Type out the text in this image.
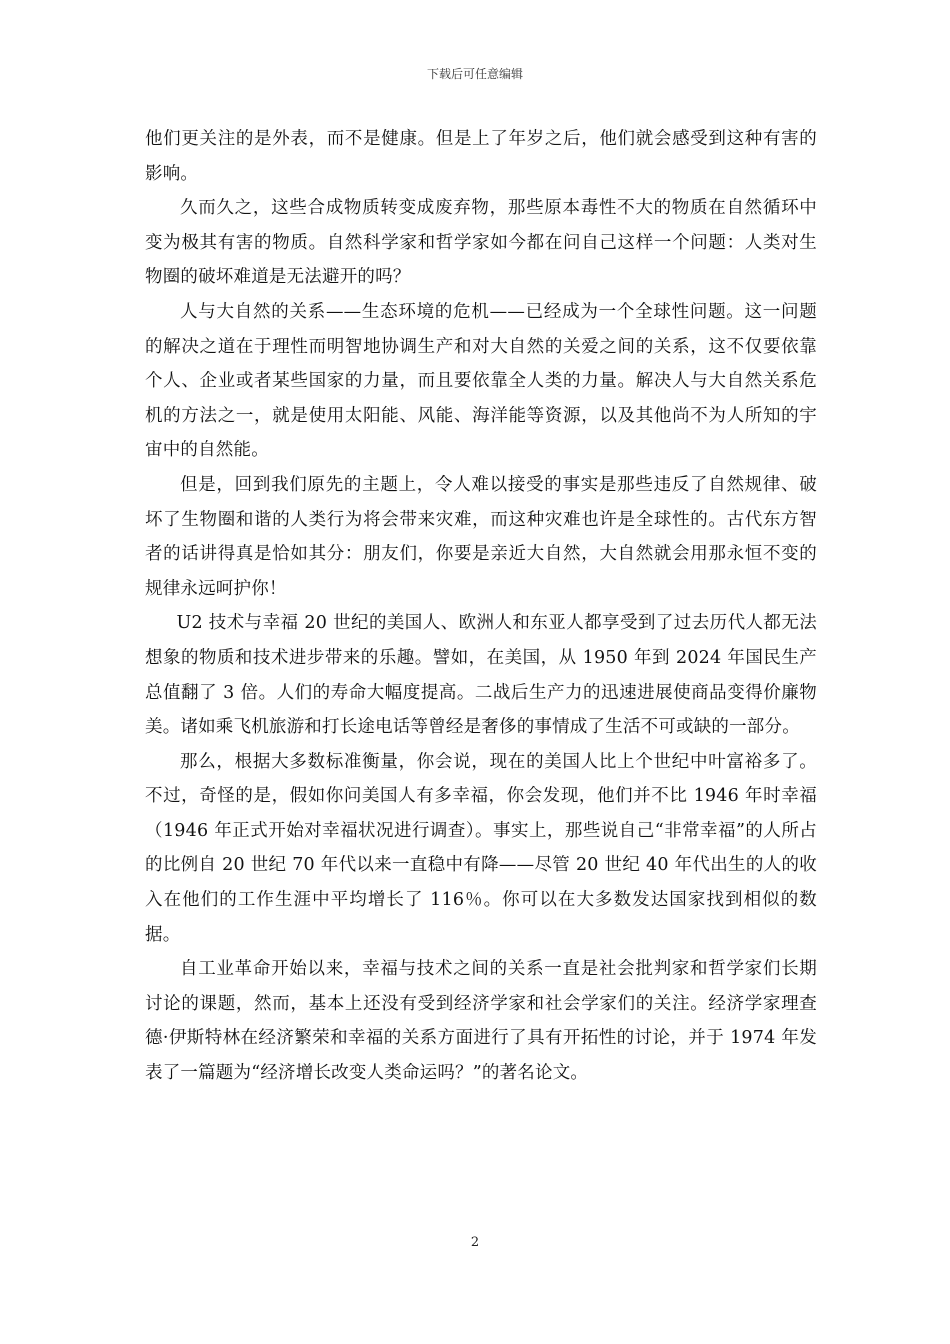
下载后可任意编辑

他们更关注的是外表，而不是健康。但是上了年岁之后，他们就会感受到这种有害的影响。

久而久之，这些合成物质转变成废弃物，那些原本毒性不大的物质在自然循环中变为极其有害的物质。自然科学家和哲学家如今都在问自己这样一个问题：人类对生物圈的破坏难道是无法避开的吗？

人与大自然的关系——生态环境的危机——已经成为一个全球性问题。这一问题的解决之道在于理性而明智地协调生产和对大自然的关爱之间的关系，这不仅要依靠个人、企业或者某些国家的力量，而且要依靠全人类的力量。解决人与大自然关系危机的方法之一，就是使用太阳能、风能、海洋能等资源，以及其他尚不为人所知的宇宙中的自然能。

但是，回到我们原先的主题上，令人难以接受的事实是那些违反了自然规律、破坏了生物圈和谐的人类行为将会带来灾难，而这种灾难也许是全球性的。古代东方智者的话讲得真是恰如其分：朋友们，你要是亲近大自然，大自然就会用那永恒不变的规律永远呵护你！

U2 技术与幸福 20 世纪的美国人、欧洲人和东亚人都享受到了过去历代人都无法想象的物质和技术进步带来的乐趣。譬如，在美国，从 1950 年到 2024 年国民生产总值翻了 3 倍。人们的寿命大幅度提高。二战后生产力的迅速进展使商品变得价廉物美。诸如乘飞机旅游和打长途电话等曾经是奢侈的事情成了生活不可或缺的一部分。

那么，根据大多数标准衡量，你会说，现在的美国人比上个世纪中叶富裕多了。不过，奇怪的是，假如你问美国人有多幸福，你会发现，他们并不比 1946 年时幸福（1946 年正式开始对幸福状况进行调查）。事实上，那些说自己“非常幸福”的人所占的比例自 20 世纪 70 年代以来一直稳中有降——尽管 20 世纪 40 年代出生的人的收入在他们的工作生涯中平均增长了 116％。你可以在大多数发达国家找到相似的数据。

自工业革命开始以来，幸福与技术之间的关系一直是社会批判家和哲学家们长期讨论的课题，然而，基本上还没有受到经济学家和社会学家们的关注。经济学家理查德·伊斯特林在经济繁荣和幸福的关系方面进行了具有开拓性的讨论，并于 1974 年发表了一篇题为“经济增长改变人类命运吗？”的著名论文。

2
